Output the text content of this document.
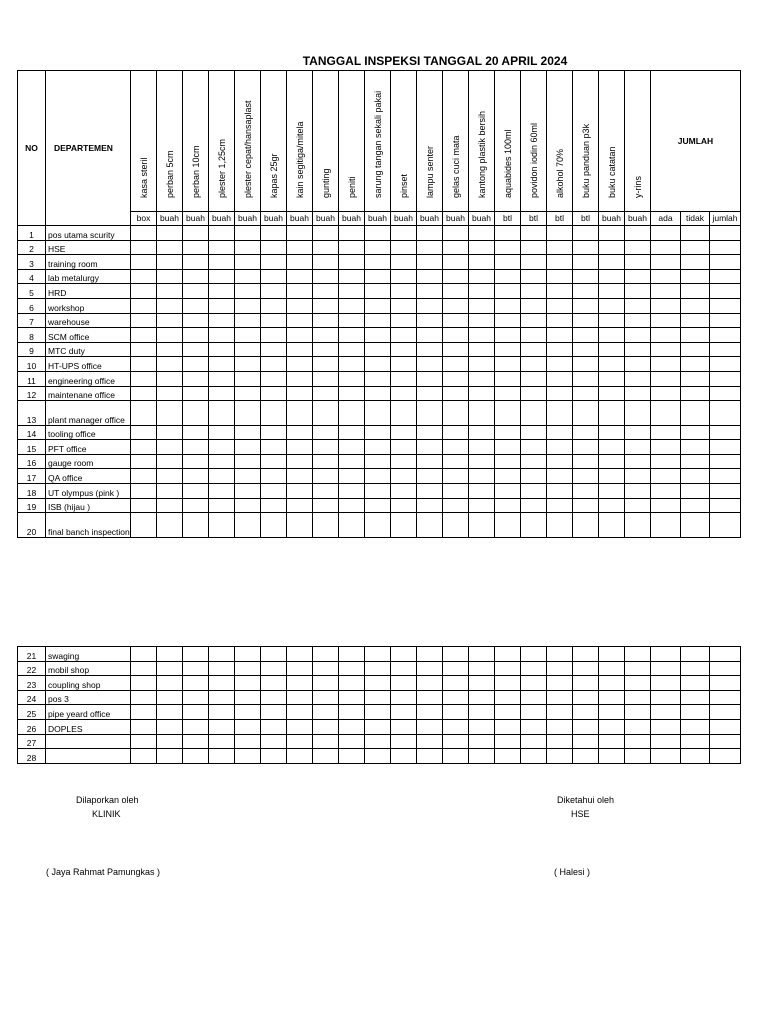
TANGGAL INSPEKSI TANGGAL 20 APRIL 2024
NO	DEPARTEMEN	kasa steril	perban 5cm	perban 10cm	plester 1,25cm	plester cepat/hansaplast	kapas 25gr	kain segitiga/mitela	gunting	peniti	sarung tangan sekali pakai	pinset	lampu senter	gelas cuci mata	kantong plastik bersih	aquabides 100ml	povidon iodin 60ml	alkohol 70%	buku panduan p3k	buku catatan	y-rins	JUMLAH		
		box	buah	buah	buah	buah	buah	buah	buah	buah	buah	buah	buah	buah	buah	btl	btl	btl	btl	buah	buah	ada	tidak	jumlah
1	pos utama scurity																							
2	HSE																							
3	training room																							
4	lab metalurgy																							
5	HRD																							
6	workshop																							
7	warehouse																							
8	SCM office																							
9	MTC duty																							
10	HT-UPS office																							
11	engineering office																							
12	maintenane office																							
13	plant manager office																							
14	tooling office																							
15	PFT office																							
16	gauge room																							
17	QA office																							
18	UT olympus (pink )																							
19	ISB (hijau )																							
20	final banch inspection																							
21	swaging																							
22	mobil shop																							
23	coupling shop																							
24	pos 3																							
25	pipe yeard office																							
26	DOPLES																							
27																								
28																								
Dilaporkan oleh
KLINIK
( Jaya Rahmat Pamungkas )
Diketahui oleh
HSE
( Halesi )
